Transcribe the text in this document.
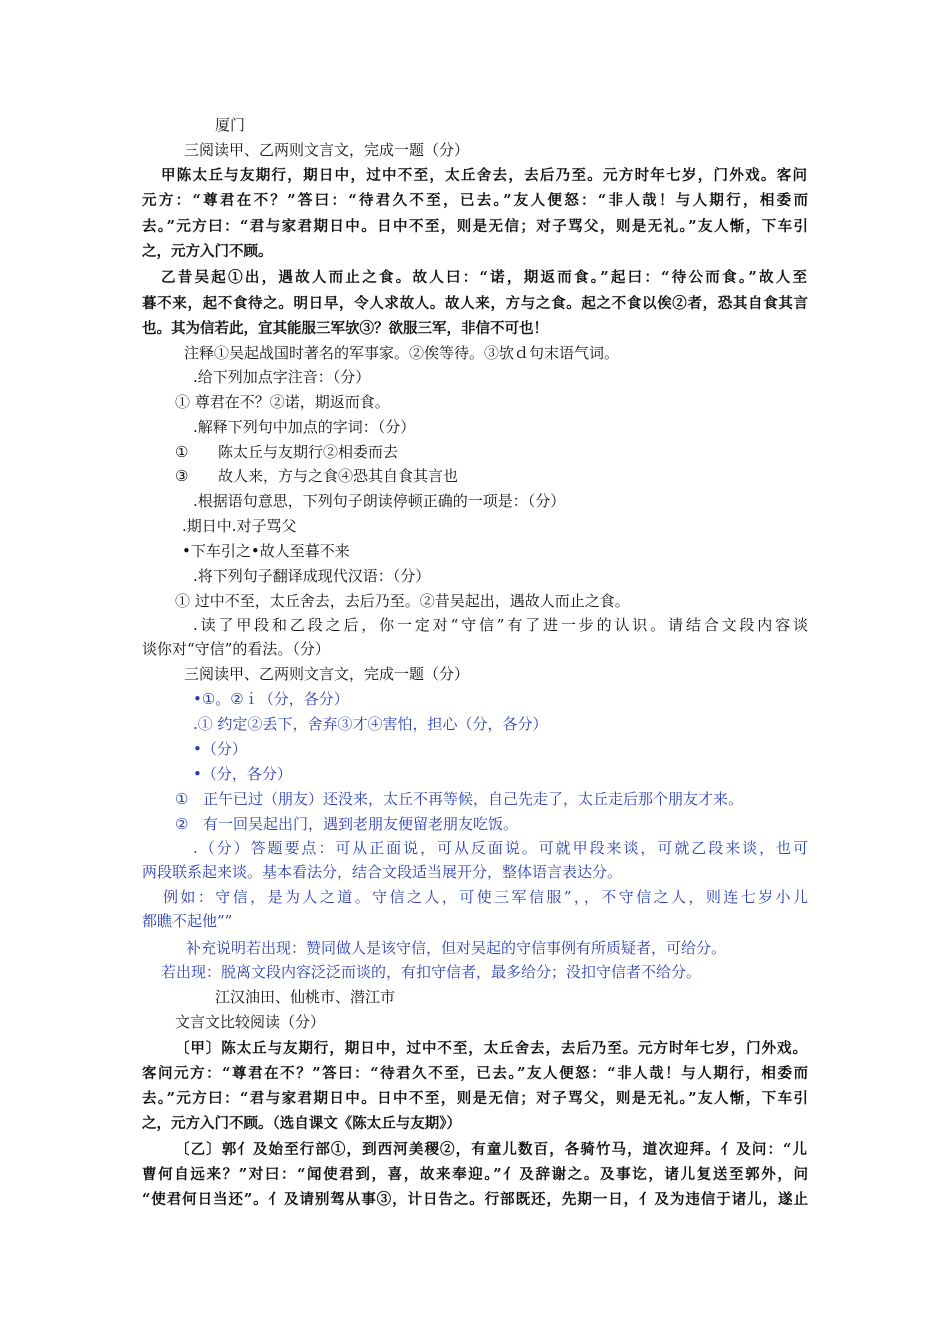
厦门
三阅读甲、乙两则文言文，完成一题（分）
甲陈太丘与友期行，期日中，过中不至，太丘舍去，去后乃至。元方时年七岁，门外戏。客问
元方：“尊君在不？”答曰：“待君久不至，已去。”友人便怒：“非人哉！与人期行，相委而
去。”元方曰：“君与家君期日中。日中不至，则是无信；对子骂父，则是无礼。”友人惭，下车引
之，元方入门不顾。
乙昔吴起①出，遇故人而止之食。故人曰：“诺，期返而食。”起曰：“待公而食。”故人至
暮不来，起不食待之。明日早，令人求故人。故人来，方与之食。起之不食以俟②者，恐其自食其言
也。其为信若此，宜其能服三军欤③？欲服三军，非信不可也！
注释①吴起战国时著名的军事家。②俟等待。③欤ｄ句末语气词。
.给下列加点字注音：（分）
① 尊君在不？②诺，期返而食。
.解释下列句中加点的字词：（分）
① 陈太丘与友期行②相委而去
③ 故人来，方与之食④恐其自食其言也
.根据语句意思，下列句子朗读停顿正确的一项是：（分）
.期日中.对子骂父
•下车引之•故人至暮不来
.将下列句子翻译成现代汉语：（分）
① 过中不至，太丘舍去，去后乃至。②昔吴起出，遇故人而止之食。
.读了甲段和乙段之后，你一定对“守信”有了进一步的认识。请结合文段内容谈
谈你对“守信”的看法。（分）
三阅读甲、乙两则文言文，完成一题（分）
•①。②ｉ（分，各分）
.① 约定②丢下，舍弃③才④害怕，担心（分，各分）
•（分）
•（分，各分）
① 正午已过（朋友）还没来，太丘不再等候，自己先走了，太丘走后那个朋友才来。
② 有一回吴起出门，遇到老朋友便留老朋友吃饭。
.（分）答题要点：可从正面说，可从反面说。可就甲段来谈，可就乙段来谈，也可
两段联系起来谈。基本看法分，结合文段适当展开分，整体语言表达分。
例如：守信，是为人之道。守信之人，可使三军信服”，，不守信之人，则连七岁小儿
都瞧不起他””
补充说明若出现：赞同做人是该守信，但对吴起的守信事例有所质疑者，可给分。
若出现：脱离文段内容泛泛而谈的，有扣守信者，最多给分；没扣守信者不给分。
江汉油田、仙桃市、潜江市
文言文比较阅读（分）
〔甲〕陈太丘与友期行，期日中，过中不至，太丘舍去，去后乃至。元方时年七岁，门外戏。
客问元方：“尊君在不？”答曰：“待君久不至，已去。”友人便怒：“非人哉！与人期行，相委而
去。”元方曰：“君与家君期日中。日中不至，则是无信；对子骂父，则是无礼。”友人惭，下车引
之，元方入门不顾。（选自课文《陈太丘与友期》）
〔乙〕郭亻及始至行部①，到西河美稷②，有童儿数百，各骑竹马，道次迎拜。亻及问：“儿
曹何自远来？”对曰：“闻使君到，喜，故来奉迎。”亻及辞谢之。及事讫，诸儿复送至郭外，问
“使君何日当还”。亻及请别驾从事③，计日告之。行部既还，先期一日，亻及为违信于诸儿，遂止
